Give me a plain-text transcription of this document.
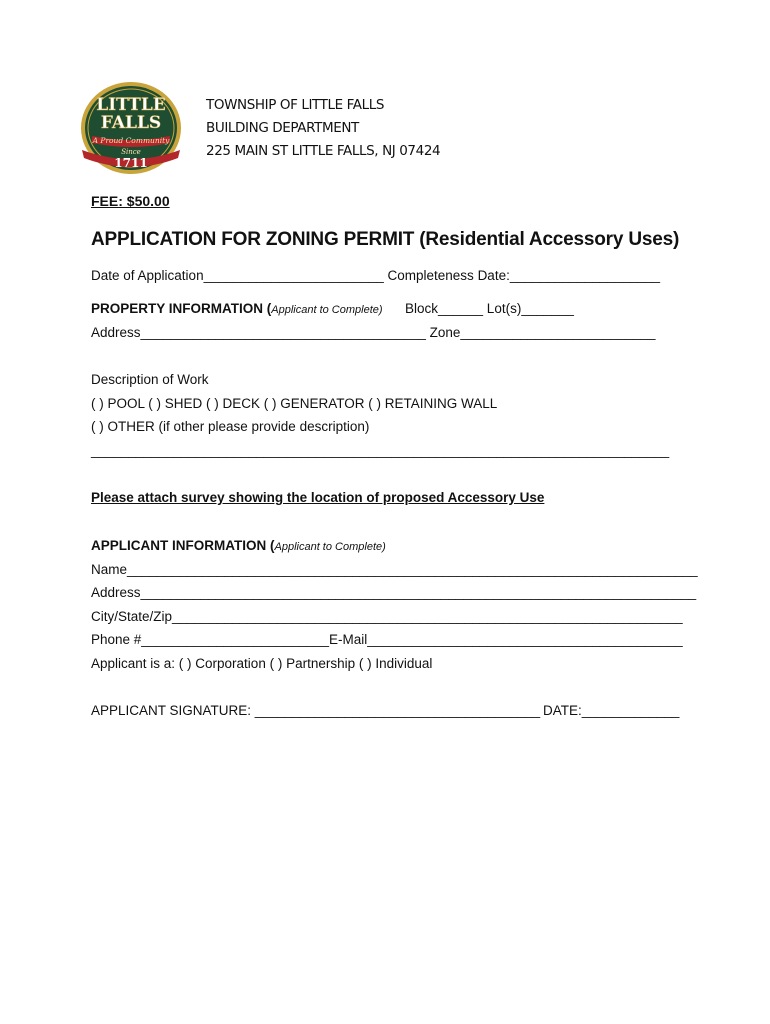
LITTLE
FALLS
A Proud Community
Since
1711
TOWNSHIP OF LITTLE FALLS
BUILDING DEPARTMENT
225 MAIN ST LITTLE FALLS, NJ 07424
FEE: $50.00
APPLICATION FOR ZONING PERMIT (Residential Accessory Uses)
Date of Application________________________ Completeness Date:____________________
PROPERTY INFORMATION (Applicant to Complete) Block______ Lot(s)_______
Address______________________________________ Zone__________________________
Description of Work
( ) POOL ( ) SHED ( ) DECK ( ) GENERATOR ( ) RETAINING WALL
( ) OTHER (if other please provide description)
_____________________________________________________________________________
Please attach survey showing the location of proposed Accessory Use
APPLICANT INFORMATION (Applicant to Complete)
Name____________________________________________________________________________
Address__________________________________________________________________________
City/State/Zip____________________________________________________________________
Phone #_________________________E-Mail__________________________________________
Applicant is a: ( ) Corporation ( ) Partnership ( ) Individual
APPLICANT SIGNATURE: ______________________________________ DATE:_____________
